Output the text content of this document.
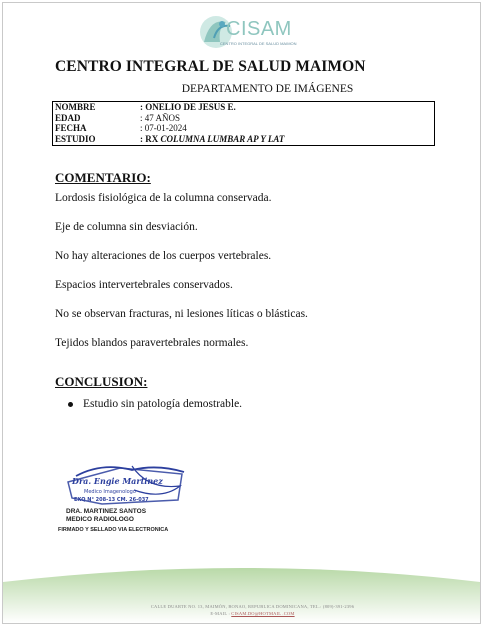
CISAM
CENTRO INTEGRAL DE SALUD MAIMON
CENTRO INTEGRAL DE SALUD MAIMON
DEPARTAMENTO DE IMÁGENES
NOMBRE	: ONELIO DE JESUS E.
EDAD	: 47 AÑOS
FECHA	: 07-01-2024
ESTUDIO	: RX COLUMNA LUMBAR AP Y LAT
COMENTARIO:
Lordosis fisiológica de la columna conservada.
Eje de columna sin desviación.
No hay alteraciones de los cuerpos vertebrales.
Espacios intervertebrales conservados.
No se observan fracturas, ni lesiones líticas o blásticas.
Tejidos blandos paravertebrales normales.
CONCLUSION:
Estudio sin patología demostrable.
Dra. Engie Martinez
Medico Imagenologo
EXQ N° 208-13 CM. 26-037
DRA. MARTINEZ SANTOS
MEDICO RADIOLOGO
FIRMADO Y SELLADO VIA ELECTRONICA
CALLE DUARTE NO. 13, MAIMÓN, BONAO, REPUBLICA DOMINICANA, TEL.: (809)-391-2396
E-MAIL : CISAM.DO@HOTMAIL .COM
